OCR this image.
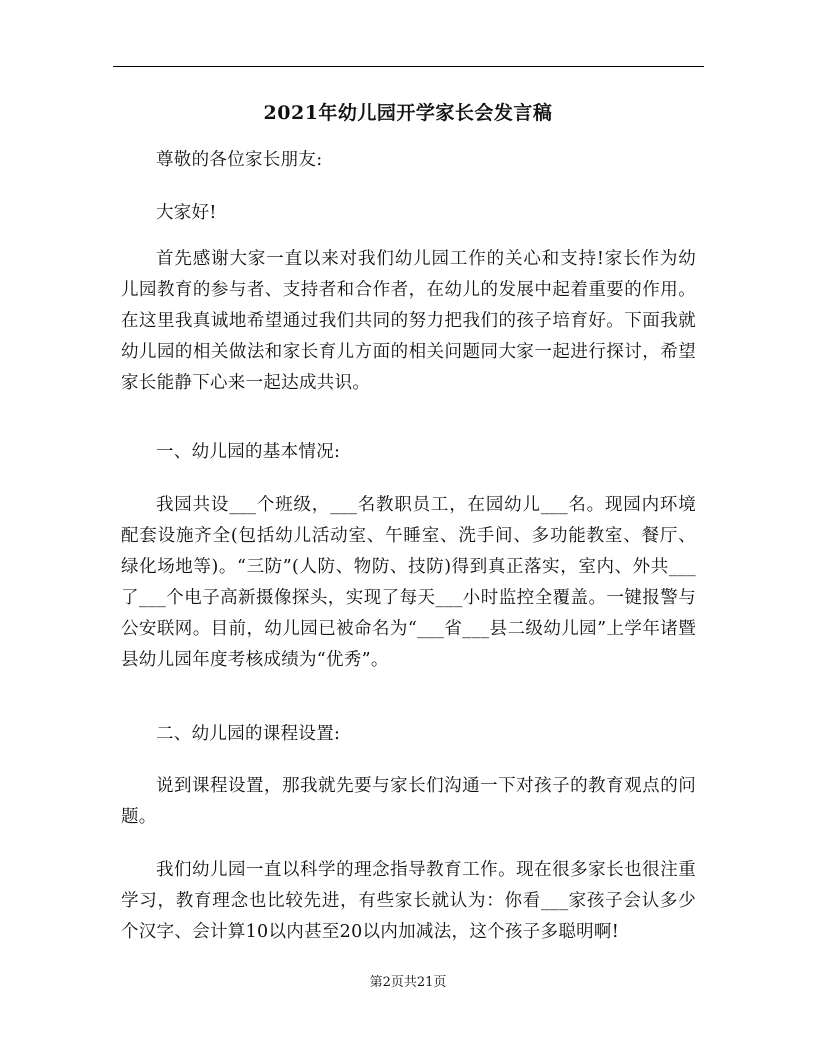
2021年幼儿园开学家长会发言稿

尊敬的各位家长朋友:

大家好!

首先感谢大家一直以来对我们幼儿园工作的关心和支持!家长作为幼儿园教育的参与者、支持者和合作者，在幼儿的发展中起着重要的作用。在这里我真诚地希望通过我们共同的努力把我们的孩子培育好。下面我就幼儿园的相关做法和家长育儿方面的相关问题同大家一起进行探讨，希望家长能静下心来一起达成共识。

一、幼儿园的基本情况:

我园共设___个班级，___名教职员工，在园幼儿___名。现园内环境配套设施齐全(包括幼儿活动室、午睡室、洗手间、多功能教室、餐厅、绿化场地等)。“三防”(人防、物防、技防)得到真正落实，室内、外共___了___个电子高新摄像探头，实现了每天___小时监控全覆盖。一键报警与公安联网。目前，幼儿园已被命名为“___省___县二级幼儿园”上学年诸暨县幼儿园年度考核成绩为“优秀”。

二、幼儿园的课程设置:

说到课程设置，那我就先要与家长们沟通一下对孩子的教育观点的问题。

我们幼儿园一直以科学的理念指导教育工作。现在很多家长也很注重学习，教育理念也比较先进，有些家长就认为：你看___家孩子会认多少个汉字、会计算10以内甚至20以内加减法，这个孩子多聪明啊!

第2页共21页
